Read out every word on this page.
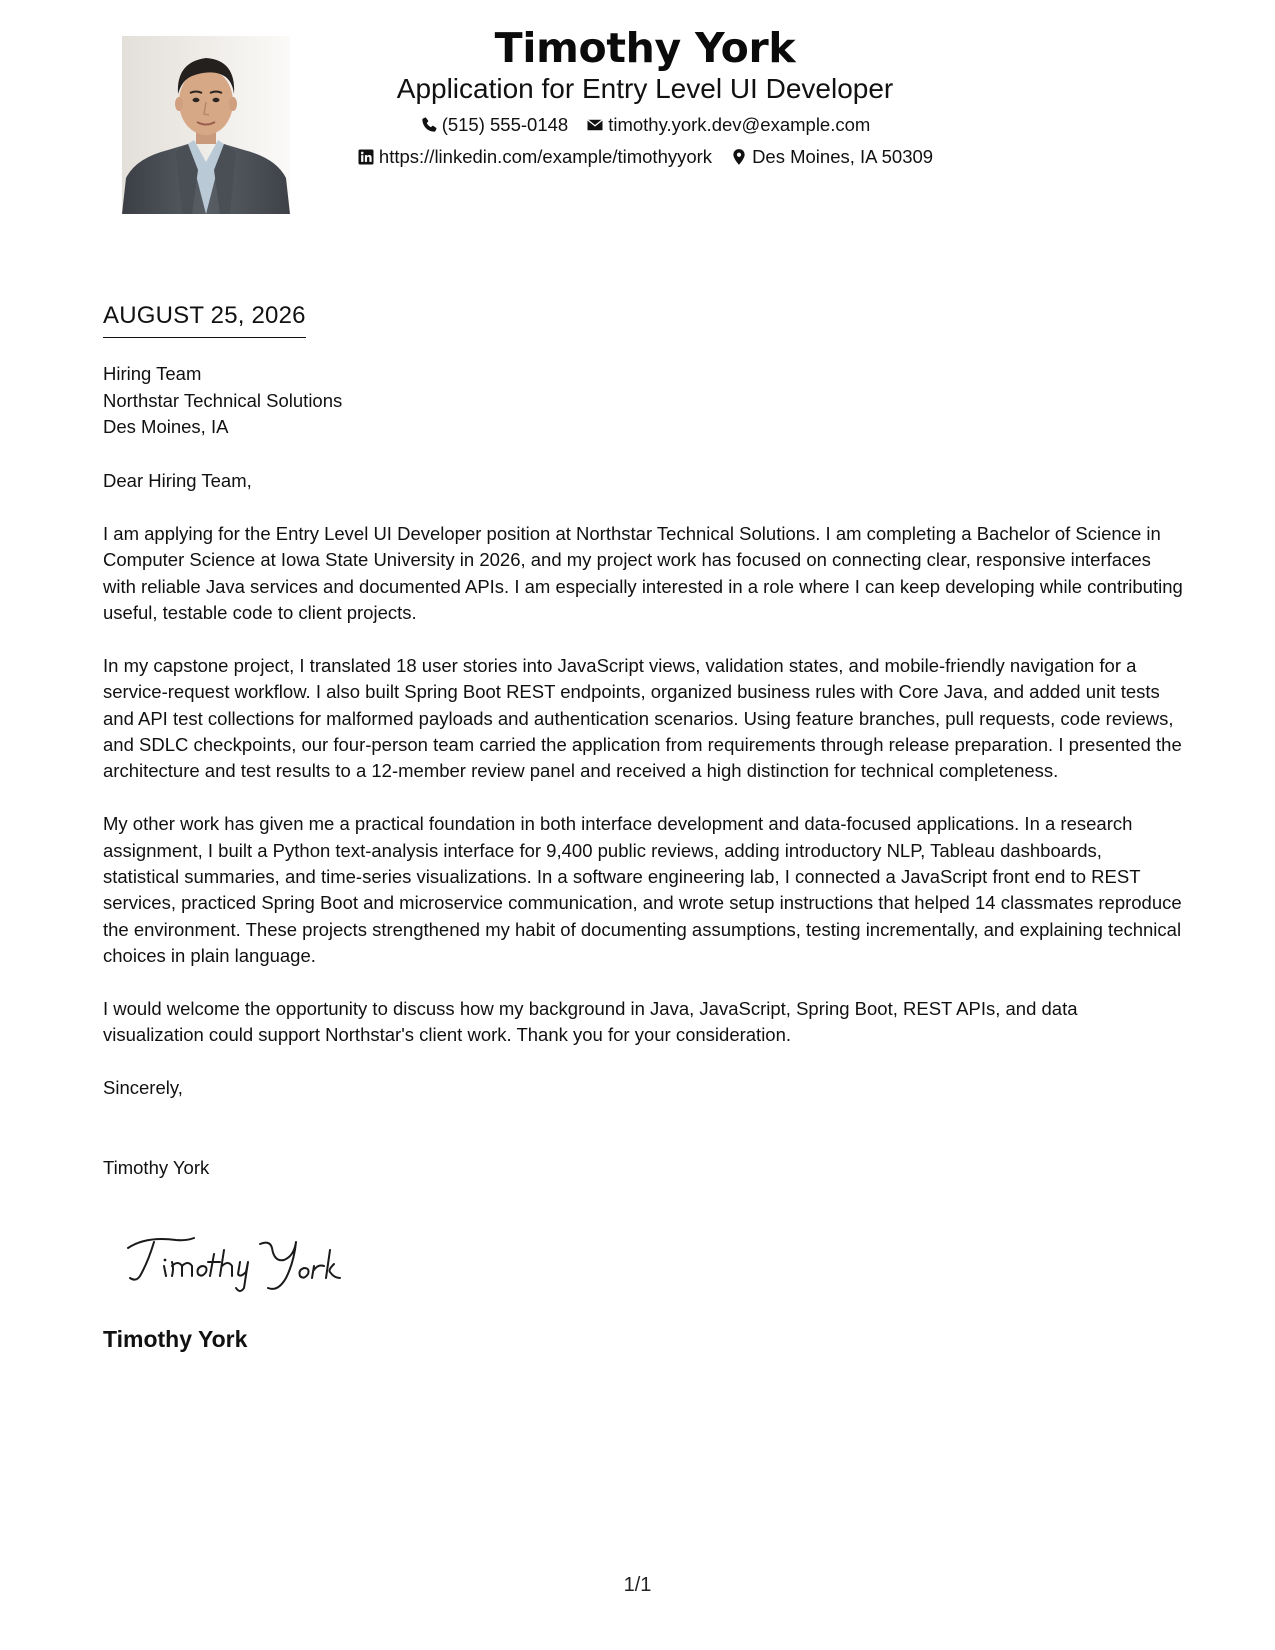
Timothy York
Application for Entry Level UI Developer
(515) 555-0148 timothy.york.dev@example.com
https://linkedin.com/example/timothyyork Des Moines, IA 50309
AUGUST 25, 2026
Hiring Team
Northstar Technical Solutions
Des Moines, IA

Dear Hiring Team,

I am applying for the Entry Level UI Developer position at Northstar Technical Solutions. I am completing a Bachelor of Science in Computer Science at Iowa State University in 2026, and my project work has focused on connecting clear, responsive interfaces with reliable Java services and documented APIs. I am especially interested in a role where I can keep developing while contributing useful, testable code to client projects.

In my capstone project, I translated 18 user stories into JavaScript views, validation states, and mobile-friendly navigation for a service-request workflow. I also built Spring Boot REST endpoints, organized business rules with Core Java, and added unit tests and API test collections for malformed payloads and authentication scenarios. Using feature branches, pull requests, code reviews, and SDLC checkpoints, our four-person team carried the application from requirements through release preparation. I presented the architecture and test results to a 12-member review panel and received a high distinction for technical completeness.

My other work has given me a practical foundation in both interface development and data-focused applications. In a research assignment, I built a Python text-analysis interface for 9,400 public reviews, adding introductory NLP, Tableau dashboards, statistical summaries, and time-series visualizations. In a software engineering lab, I connected a JavaScript front end to REST services, practiced Spring Boot and microservice communication, and wrote setup instructions that helped 14 classmates reproduce the environment. These projects strengthened my habit of documenting assumptions, testing incrementally, and explaining technical choices in plain language.

I would welcome the opportunity to discuss how my background in Java, JavaScript, Spring Boot, REST APIs, and data visualization could support Northstar's client work. Thank you for your consideration.

Sincerely,

Timothy York

Timothy York
1/1
